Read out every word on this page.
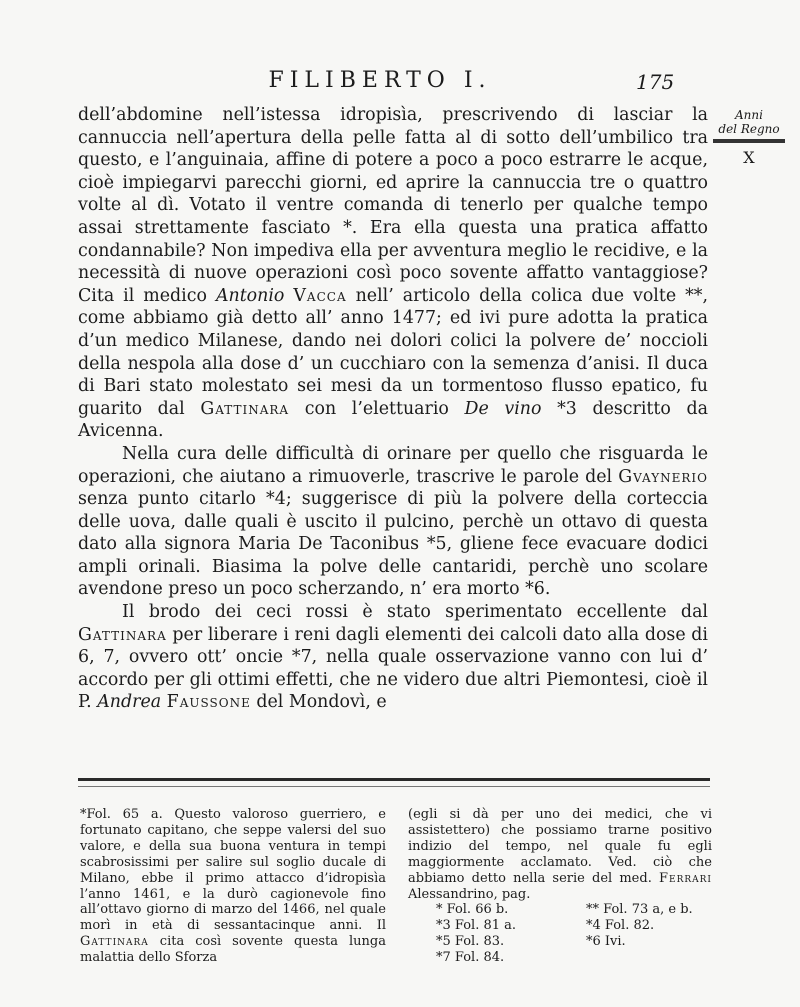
FILIBERTO I.	175
Anni
del Regno
X

dell’abdomine nell’istessa idropisìa, prescrivendo di lasciar la cannuccia nell’apertura della pelle fatta al di sotto dell’umbilico tra questo, e l’anguinaia, affine di potere a poco a poco estrarre le acque, cioè impiegarvi parecchi giorni, ed aprire la cannuccia tre o quattro volte al dì. Votato il ventre comanda di tenerlo per qualche tempo assai strettamente fasciato *. Era ella questa una pratica affatto condannabile? Non impediva ella per avventura meglio le recidive, e la necessità di nuove operazioni così poco sovente affatto vantaggiose? Cita il medico Antonio Vacca nell’ articolo della colica due volte **, come abbiamo già detto all’ anno 1477; ed ivi pure adotta la pratica d’un medico Milanese, dando nei dolori colici la polvere de’ noccioli della nespola alla dose d’ un cucchiaro con la semenza d’anisi. Il duca di Bari stato molestato sei mesi da un tormentoso flusso epatico, fu guarito dal Gattinara con l’elettuario De vino *3 descritto da Avicenna.

Nella cura delle difficultà di orinare per quello che risguarda le operazioni, che aiutano a rimuoverle, trascrive le parole del Gvaynerio senza punto citarlo *4; suggerisce di più la polvere della corteccia delle uova, dalle quali è uscito il pulcino, perchè un ottavo di questa dato alla signora Maria De Taconibus *5, gliene fece evacuare dodici ampli orinali. Biasima la polve delle cantaridi, perchè uno scolare avendone preso un poco scherzando, n’ era morto *6.

Il brodo dei ceci rossi è stato sperimentato eccellente dal Gattinara per liberare i reni dagli elementi dei calcoli dato alla dose di 6, 7, ovvero ott’ oncie *7, nella quale osservazione vanno con lui d’ accordo per gli ottimi effetti, che ne videro due altri Piemontesi, cioè il P. Andrea Faussone del Mondovì, e

*Fol. 65 a. Questo valoroso guerriero, e fortunato capitano, che seppe valersi del suo valore, e della sua buona ventura in tempi scabrosissimi per salire sul soglio ducale di Milano, ebbe il primo attacco d’idropisìa l’anno 1461, e la durò cagionevole fino all’ottavo giorno di marzo del 1466, nel quale morì in età di sessantacinque anni. Il Gattinara cita così sovente questa lunga malattia dello Sforza
(egli si dà per uno dei medici, che vi assistettero) che possiamo trarne positivo indizio del tempo, nel quale fu egli maggiormente acclamato. Ved. ciò che abbiamo detto nella serie del med. Ferrari Alessandrino, pag.
* Fol. 66 b.	** Fol. 73 a, e b.
*3 Fol. 81 a.	*4 Fol. 82.
*5 Fol. 83.	*6 Ivi.
*7 Fol. 84.
